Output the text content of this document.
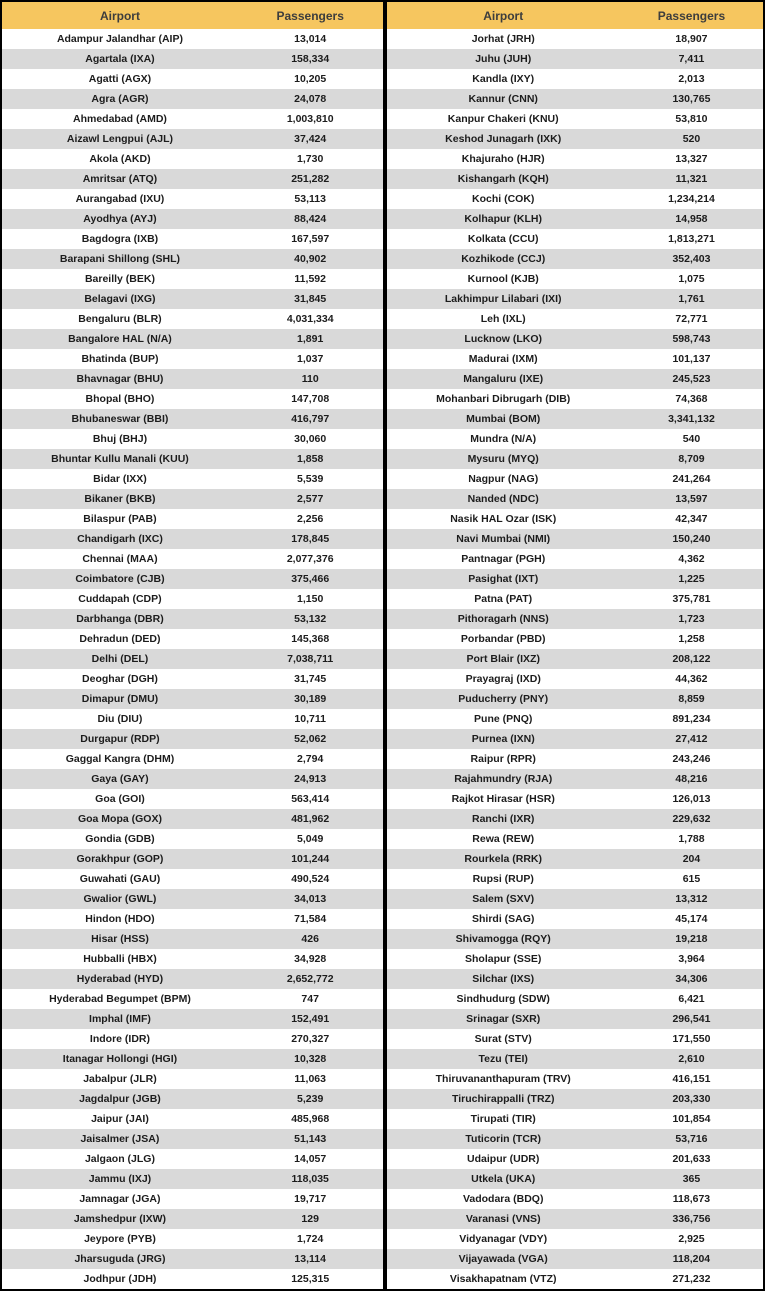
Airport	Passengers
Adampur Jalandhar (AIP)	13,014
Agartala (IXA)	158,334
Agatti (AGX)	10,205
Agra (AGR)	24,078
Ahmedabad (AMD)	1,003,810
Aizawl Lengpui (AJL)	37,424
Akola (AKD)	1,730
Amritsar (ATQ)	251,282
Aurangabad (IXU)	53,113
Ayodhya (AYJ)	88,424
Bagdogra (IXB)	167,597
Barapani Shillong (SHL)	40,902
Bareilly (BEK)	11,592
Belagavi (IXG)	31,845
Bengaluru (BLR)	4,031,334
Bangalore HAL (N/A)	1,891
Bhatinda (BUP)	1,037
Bhavnagar (BHU)	110
Bhopal (BHO)	147,708
Bhubaneswar (BBI)	416,797
Bhuj (BHJ)	30,060
Bhuntar Kullu Manali (KUU)	1,858
Bidar (IXX)	5,539
Bikaner (BKB)	2,577
Bilaspur (PAB)	2,256
Chandigarh (IXC)	178,845
Chennai (MAA)	2,077,376
Coimbatore (CJB)	375,466
Cuddapah (CDP)	1,150
Darbhanga (DBR)	53,132
Dehradun (DED)	145,368
Delhi (DEL)	7,038,711
Deoghar (DGH)	31,745
Dimapur (DMU)	30,189
Diu (DIU)	10,711
Durgapur (RDP)	52,062
Gaggal Kangra (DHM)	2,794
Gaya (GAY)	24,913
Goa (GOI)	563,414
Goa Mopa (GOX)	481,962
Gondia (GDB)	5,049
Gorakhpur (GOP)	101,244
Guwahati (GAU)	490,524
Gwalior (GWL)	34,013
Hindon (HDO)	71,584
Hisar (HSS)	426
Hubballi (HBX)	34,928
Hyderabad (HYD)	2,652,772
Hyderabad Begumpet (BPM)	747
Imphal (IMF)	152,491
Indore (IDR)	270,327
Itanagar Hollongi (HGI)	10,328
Jabalpur (JLR)	11,063
Jagdalpur (JGB)	5,239
Jaipur (JAI)	485,968
Jaisalmer (JSA)	51,143
Jalgaon (JLG)	14,057
Jammu (IXJ)	118,035
Jamnagar (JGA)	19,717
Jamshedpur (IXW)	129
Jeypore (PYB)	1,724
Jharsuguda (JRG)	13,114
Jodhpur (JDH)	125,315
Airport	Passengers
Jorhat (JRH)	18,907
Juhu (JUH)	7,411
Kandla (IXY)	2,013
Kannur (CNN)	130,765
Kanpur Chakeri (KNU)	53,810
Keshod Junagarh (IXK)	520
Khajuraho (HJR)	13,327
Kishangarh (KQH)	11,321
Kochi (COK)	1,234,214
Kolhapur (KLH)	14,958
Kolkata (CCU)	1,813,271
Kozhikode (CCJ)	352,403
Kurnool (KJB)	1,075
Lakhimpur Lilabari (IXI)	1,761
Leh (IXL)	72,771
Lucknow (LKO)	598,743
Madurai (IXM)	101,137
Mangaluru (IXE)	245,523
Mohanbari Dibrugarh (DIB)	74,368
Mumbai (BOM)	3,341,132
Mundra (N/A)	540
Mysuru (MYQ)	8,709
Nagpur (NAG)	241,264
Nanded (NDC)	13,597
Nasik HAL Ozar (ISK)	42,347
Navi Mumbai (NMI)	150,240
Pantnagar (PGH)	4,362
Pasighat (IXT)	1,225
Patna (PAT)	375,781
Pithoragarh (NNS)	1,723
Porbandar (PBD)	1,258
Port Blair (IXZ)	208,122
Prayagraj (IXD)	44,362
Puducherry (PNY)	8,859
Pune (PNQ)	891,234
Purnea (IXN)	27,412
Raipur (RPR)	243,246
Rajahmundry (RJA)	48,216
Rajkot Hirasar (HSR)	126,013
Ranchi (IXR)	229,632
Rewa (REW)	1,788
Rourkela (RRK)	204
Rupsi (RUP)	615
Salem (SXV)	13,312
Shirdi (SAG)	45,174
Shivamogga (RQY)	19,218
Sholapur (SSE)	3,964
Silchar (IXS)	34,306
Sindhudurg (SDW)	6,421
Srinagar (SXR)	296,541
Surat (STV)	171,550
Tezu (TEI)	2,610
Thiruvananthapuram (TRV)	416,151
Tiruchirappalli (TRZ)	203,330
Tirupati (TIR)	101,854
Tuticorin (TCR)	53,716
Udaipur (UDR)	201,633
Utkela (UKA)	365
Vadodara (BDQ)	118,673
Varanasi (VNS)	336,756
Vidyanagar (VDY)	2,925
Vijayawada (VGA)	118,204
Visakhapatnam (VTZ)	271,232
